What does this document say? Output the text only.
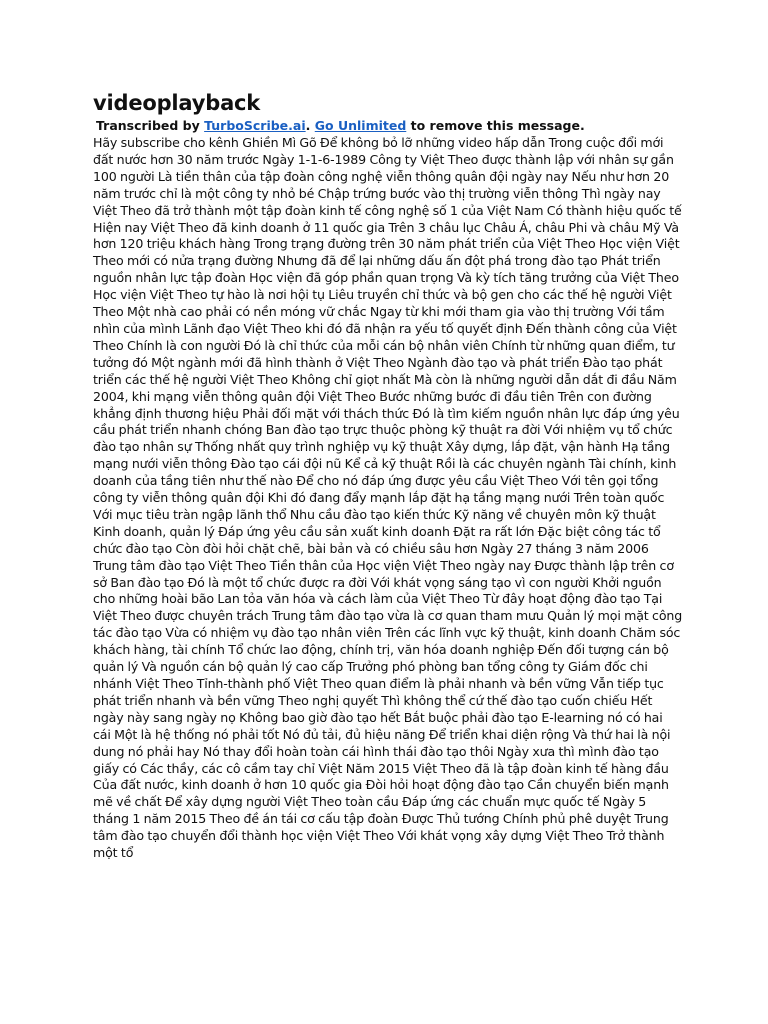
videoplayback
Transcribed by TurboScribe.ai. Go Unlimited to remove this message.

Hãy subscribe cho kênh Ghiền Mì Gõ Để không bỏ lỡ những video hấp dẫn Trong cuộc đổi mới đất nước hơn 30 năm trước Ngày 1-1-6-1989 Công ty Việt Theo được thành lập với nhân sự gần 100 người Là tiền thân của tập đoàn công nghệ viễn thông quân đội ngày nay Nếu như hơn 20 năm trước chỉ là một công ty nhỏ bé Chập trứng bước vào thị trường viễn thông Thì ngày nay Việt Theo đã trở thành một tập đoàn kinh tế công nghệ số 1 của Việt Nam Có thành hiệu quốc tế Hiện nay Việt Theo đã kinh doanh ở 11 quốc gia Trên 3 châu lục Châu Á, châu Phi và châu Mỹ Và hơn 120 triệu khách hàng Trong trạng đường trên 30 năm phát triển của Việt Theo Học viện Việt Theo mới có nửa trạng đường Nhưng đã để lại những dấu ấn đột phá trong đào tạo Phát triển nguồn nhân lực tập đoàn Học viện đã góp phần quan trọng Và kỳ tích tăng trưởng của Việt Theo Học viện Việt Theo tự hào là nơi hội tụ Liêu truyền chỉ thức và bộ gen cho các thế hệ người Việt Theo Một nhà cao phải có nền móng vữ chắc Ngay từ khi mới tham gia vào thị trường Với tầm nhìn của mình Lãnh đạo Việt Theo khi đó đã nhận ra yếu tố quyết định Đến thành công của Việt Theo Chính là con người Đó là chỉ thức của mỗi cán bộ nhân viên Chính từ những quan điểm, tư tưởng đó Một ngành mới đã hình thành ở Việt Theo Ngành đào tạo và phát triển Đào tạo phát triển các thế hệ người Việt Theo Không chỉ giọt nhất Mà còn là những người dẫn dắt đi đầu Năm 2004, khi mạng viễn thông quân đội Việt Theo Bước những bước đi đầu tiên Trên con đường khẳng định thương hiệu Phải đối mặt với thách thức Đó là tìm kiếm nguồn nhân lực đáp ứng yêu cầu phát triển nhanh chóng Ban đào tạo trực thuộc phòng kỹ thuật ra đời Với nhiệm vụ tổ chức đào tạo nhân sự Thống nhất quy trình nghiệp vụ kỹ thuật Xây dựng, lắp đặt, vận hành Hạ tầng mạng nưới viễn thông Đào tạo cái đội nũ Kể cả kỹ thuật Rồi là các chuyên ngành Tài chính, kinh doanh của tầng tiên như thế nào Để cho nó đáp ứng được yêu cầu Việt Theo Với tên gọi tổng công ty viễn thông quân đội Khi đó đang đẩy mạnh lắp đặt hạ tầng mạng nưới Trên toàn quốc Với mục tiêu tràn ngập lãnh thổ Nhu cầu đào tạo kiến thức Kỹ năng về chuyên môn kỹ thuật Kinh doanh, quản lý Đáp ứng yêu cầu sản xuất kinh doanh Đặt ra rất lớn Đặc biệt công tác tổ chức đào tạo Còn đòi hỏi chặt chẽ, bài bản và có chiều sâu hơn Ngày 27 tháng 3 năm 2006 Trung tâm đào tạo Việt Theo Tiền thân của Học viện Việt Theo ngày nay Được thành lập trên cơ sở Ban đào tạo Đó là một tổ chức được ra đời Với khát vọng sáng tạo vì con người Khởi nguồn cho những hoài bão Lan tỏa văn hóa và cách làm của Việt Theo Từ đây hoạt động đào tạo Tại Việt Theo được chuyên trách Trung tâm đào tạo vừa là cơ quan tham mưu Quản lý mọi mặt công tác đào tạo Vừa có nhiệm vụ đào tạo nhân viên Trên các lĩnh vực kỹ thuật, kinh doanh Chăm sóc khách hàng, tài chính Tổ chức lao động, chính trị, văn hóa doanh nghiệp Đến đối tượng cán bộ quản lý Và nguồn cán bộ quản lý cao cấp Trưởng phó phòng ban tổng công ty Giám đốc chi nhánh Việt Theo Tỉnh-thành phố Việt Theo quan điểm là phải nhanh và bền vững Vẫn tiếp tục phát triển nhanh và bền vững Theo nghị quyết Thì không thể cứ thế đào tạo cuốn chiếu Hết ngày này sang ngày nọ Không bao giờ đào tạo hết Bắt buộc phải đào tạo E-learning nó có hai cái Một là hệ thống nó phải tốt Nó đủ tải, đủ hiệu năng Để triển khai diện rộng Và thứ hai là nội dung nó phải hay Nó thay đổi hoàn toàn cái hình thái đào tạo thôi Ngày xưa thì mình đào tạo giấy có Các thầy, các cô cầm tay chỉ Việt Năm 2015 Việt Theo đã là tập đoàn kinh tế hàng đầu Của đất nước, kinh doanh ở hơn 10 quốc gia Đòi hỏi hoạt động đào tạo Cần chuyển biến mạnh mẽ về chất Để xây dựng người Việt Theo toàn cầu Đáp ứng các chuẩn mực quốc tế Ngày 5 tháng 1 năm 2015 Theo đề án tái cơ cấu tập đoàn Được Thủ tướng Chính phủ phê duyệt Trung tâm đào tạo chuyển đổi thành học viện Việt Theo Với khát vọng xây dựng Việt Theo Trở thành một tổ
